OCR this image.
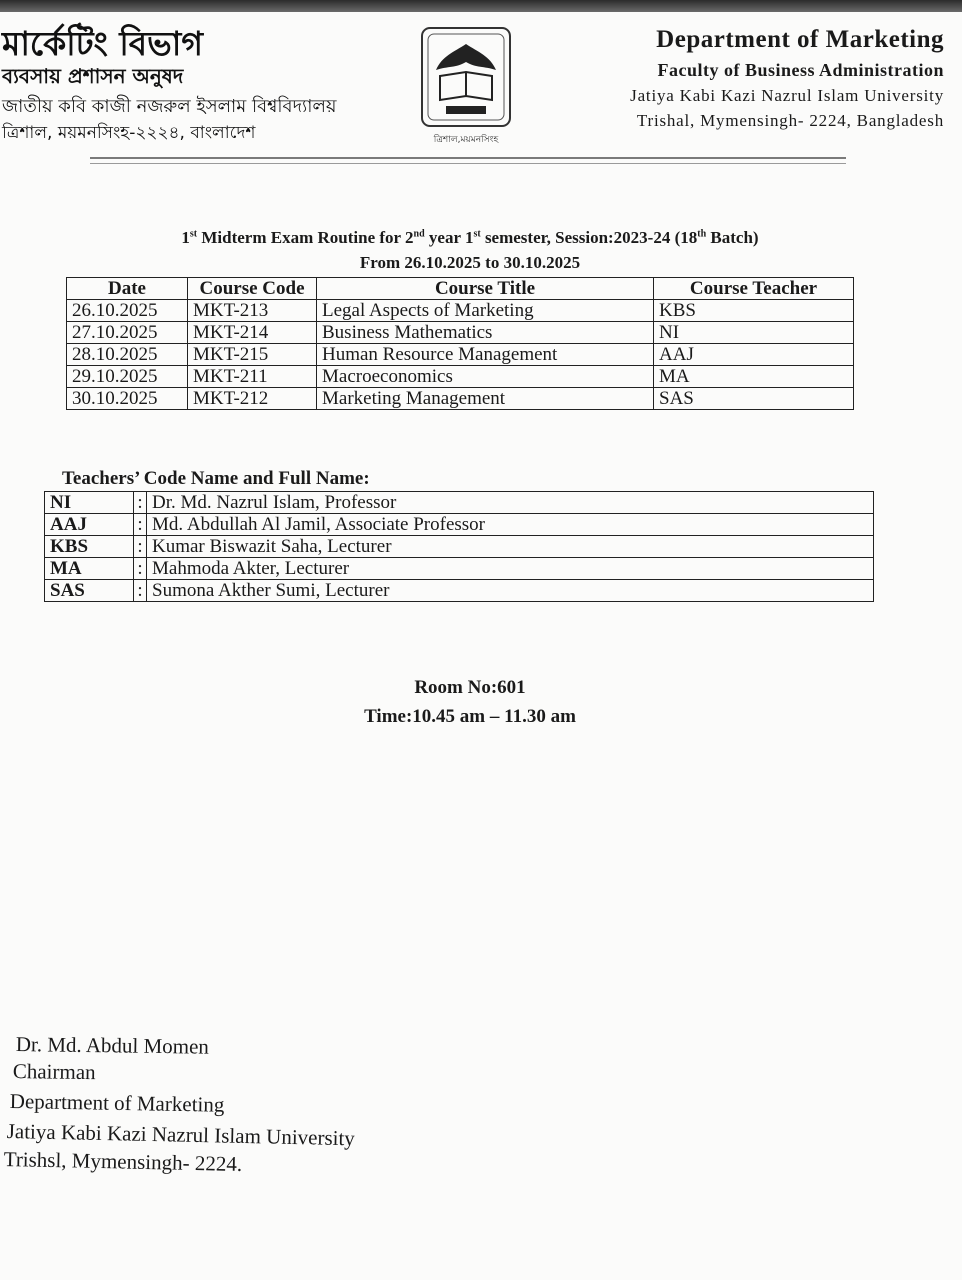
মার্কেটিং বিভাগ
ব্যবসায় প্রশাসন অনুষদ
জাতীয় কবি কাজী নজরুল ইসলাম বিশ্ববিদ্যালয়
ত্রিশাল, ময়মনসিংহ-২২২৪, বাংলাদেশ	ত্রিশাল,ময়মনসিংহ
Department of Marketing
Faculty of Business Administration
Jatiya Kabi Kazi Nazrul Islam University
Trishal, Mymensingh- 2224, Bangladesh
1st Midterm Exam Routine for 2nd year 1st semester, Session:2023-24 (18th Batch)
From 26.10.2025 to 30.10.2025
Date	Course Code	Course Title	Course Teacher
26.10.2025	MKT-213	Legal Aspects of Marketing	KBS
27.10.2025	MKT-214	Business Mathematics	NI
28.10.2025	MKT-215	Human Resource Management	AAJ
29.10.2025	MKT-211	Macroeconomics	MA
30.10.2025	MKT-212	Marketing Management	SAS
Teachers’ Code Name and Full Name:
NI	:	Dr. Md. Nazrul Islam, Professor
AAJ	:	Md. Abdullah Al Jamil, Associate Professor
KBS	:	Kumar Biswazit Saha, Lecturer
MA	:	Mahmoda Akter, Lecturer
SAS	:	Sumona Akther Sumi, Lecturer
Room No:601
Time:10.45 am – 11.30 am
Dr. Md. Abdul Momen
Chairman
Department of Marketing
Jatiya Kabi Kazi Nazrul Islam University
Trishsl, Mymensingh- 2224.
